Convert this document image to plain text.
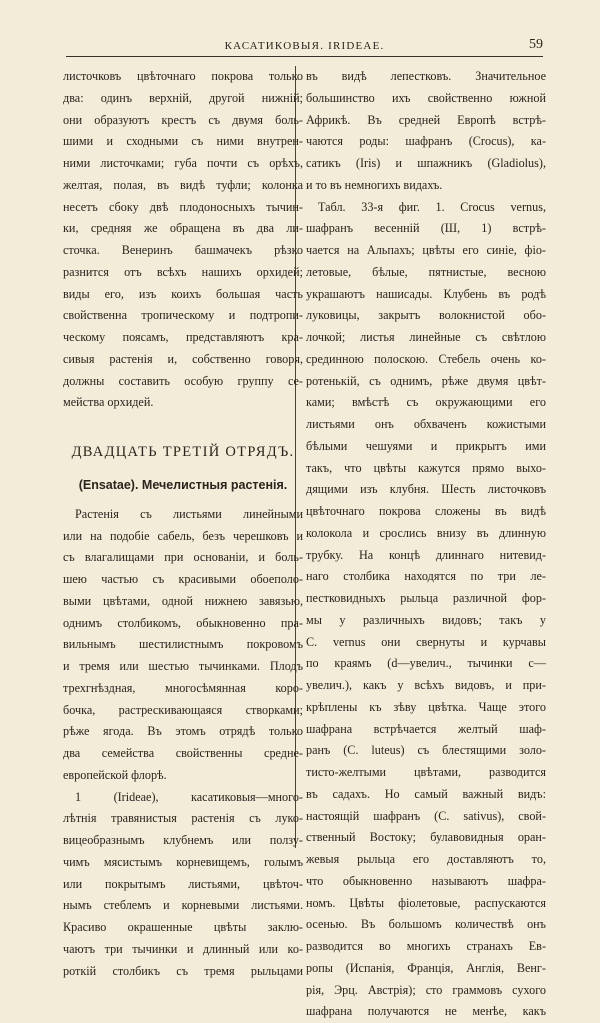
КАСАТИКОВЫЯ. IRIDEAE.	59
листочковъ цвѣточнаго покрова только
два: одинъ верхній, другой нижній;
они образуютъ крестъ съ двумя боль-
шими и сходными съ ними внутрен-
ними листочками; губа почти съ орѣхъ,
желтая, полая, въ видѣ туфли; колонка
несетъ сбоку двѣ плодоносныхъ тычин-
ки, средняя же обращена въ два ли-
сточка. Венеринъ башмачекъ рѣзко
разнится отъ всѣхъ нашихъ орхидей;
виды его, изъ коихъ большая часть
свойственна тропическому и подтропи-
ческому поясамъ, представляютъ кра-
сивыя растенія и, собственно говоря,
должны составить особую группу се-
мейства орхидей.
ДВАДЦАТЬ ТРЕТІЙ ОТРЯДЪ.
(Ensatae). Мечелистныя растенія.
Растенія съ листьями линейными
или на подобіе сабель, безъ черешковъ и
съ влагалищами при основаніи, и боль-
шею частью съ красивыми обоеполо-
выми цвѣтами, одной нижнею завязью,
однимъ столбикомъ, обыкновенно пра-
вильнымъ шестилистнымъ покровомъ
и тремя или шестью тычинками. Плодъ
трехгнѣздная, многосѣмянная коро-
бочка, растрескивающаяся створками;
рѣже ягода. Въ этомъ отрядѣ только
два семейства свойственны средне-
европейской флорѣ.
1 (Irideae), касатиковыя—много-
лѣтнія травянистыя растенія съ луко-
вицеобразнымъ клубнемъ или ползу-
чимъ мясистымъ корневищемъ, голымъ
или покрытымъ листьями, цвѣточ-
нымъ стеблемъ и корневыми листьями.
Красиво окрашенные цвѣты заклю-
чаютъ три тычинки и длинный или ко-
роткій столбикъ съ тремя рыльцами
въ видѣ лепестковъ. Значительное
большинство ихъ свойственно южной
Африкѣ. Въ средней Европѣ встрѣ-
чаются роды: шафранъ (Crocus), ка-
сатикъ (Iris) и шпажникъ (Gladiolus),
и то въ немногихъ видахъ.
Табл. 33-я фиг. 1. Crocus vernus,
шафранъ весенній (Ш, 1) встрѣ-
чается на Альпахъ; цвѣты его синіе, фіо-
летовые, бѣлые, пятнистые, весною
украшаютъ нашисады. Клубень въ родѣ
луковицы, закрытъ волокнистой обо-
лочкой; листья линейные съ свѣтлою
срединною полоскою. Стебель очень ко-
ротенькій, съ однимъ, рѣже двумя цвѣт-
ками; вмѣстѣ съ окружающими его
листьями онъ обхваченъ кожистыми
бѣлыми чешуями и прикрытъ ими
такъ, что цвѣты кажутся прямо выхо-
дящими изъ клубня. Шесть листочковъ
цвѣточнаго покрова сложены въ видѣ
колокола и срослись внизу въ длинную
трубку. На концѣ длиннаго нитевид-
наго столбика находятся по три ле-
пестковидныхъ рыльца различной фор-
мы у различныхъ видовъ; такъ у
C. vernus они свернуты и курчавы
по краямъ (d—увелич., тычинки c—
увелич.), какъ у всѣхъ видовъ, и при-
крѣплены къ зѣву цвѣтка. Чаще этого
шафрана встрѣчается желтый шаф-
ранъ (C. luteus) съ блестящими золо-
тисто-желтыми цвѣтами, разводится
въ садахъ. Но самый важный видъ:
настоящій шафранъ (C. sativus), свой-
ственный Востоку; булавовидныя оран-
жевыя рыльца его доставляютъ то,
что обыкновенно называютъ шафра-
номъ. Цвѣты фіолетовые, распускаются
осенью. Въ большомъ количествѣ онъ
разводится во многихъ странахъ Ев-
ропы (Испанія, Франція, Англія, Венг-
рія, Эрц. Австрія); сто граммовъ сухого
шафрана получаются не менѣе, какъ
